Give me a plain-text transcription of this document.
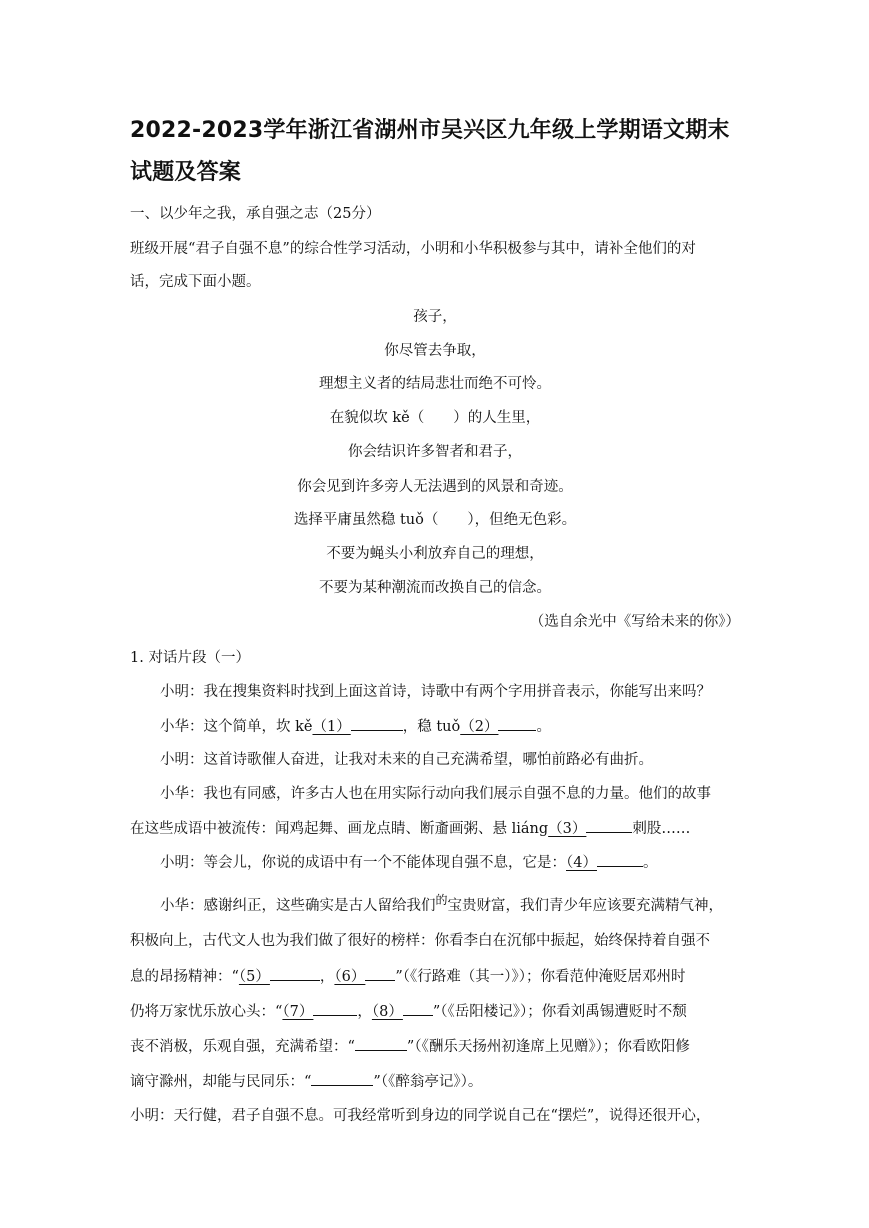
2022-2023学年浙江省湖州市吴兴区九年级上学期语文期末
试题及答案
一、以少年之我，承自强之志（25分）
班级开展“君子自强不息”的综合性学习活动，小明和小华积极参与其中，请补全他们的对
话，完成下面小题。
孩子，
你尽管去争取，
理想主义者的结局悲壮而绝不可怜。
在貌似坎 kě（　　）的人生里，
你会结识许多智者和君子，
你会见到许多旁人无法遇到的风景和奇迹。
选择平庸虽然稳 tuǒ（　　），但绝无色彩。
不要为蝇头小利放弃自己的理想，
不要为某种潮流而改换自己的信念。
（选自余光中《写给未来的你》）
1. 对话片段（一）
小明：我在搜集资料时找到上面这首诗，诗歌中有两个字用拼音表示，你能写出来吗？
小华：这个简单，坎 kě（1）	，稳 tuǒ（2）	。
小明：这首诗歌催人奋进，让我对未来的自己充满希望，哪怕前路必有曲折。
小华：我也有同感，许多古人也在用实际行动向我们展示自强不息的力量。他们的故事
在这些成语中被流传：闻鸡起舞、画龙点睛、断齑画粥、悬 liáng（3）	刺股……
小明：等会儿，你说的成语中有一个不能体现自强不息，它是：（4）	。
小华：感谢纠正，这些确实是古人留给我们$^的$宝贵财富，我们青少年应该要充满精气神，
积极向上，古代文人也为我们做了很好的榜样：你看李白在沉郁中振起，始终保持着自强不
息的昂扬精神：“（5）	，（6） ”（《行路难（其一）》）；你看范仲淹贬居邓州时
仍将万家忧乐放心头：“（7）	，（8） ”（《岳阳楼记》）；你看刘禹锡遭贬时不颓
丧不消极，乐观自强，充满希望：“	”（《酬乐天扬州初逢席上见赠》）；你看欧阳修
谪守滁州，却能与民同乐：“	”（《醉翁亭记》）。
小明：天行健，君子自强不息。可我经常听到身边的同学说自己在“摆烂”，说得还很开心，
